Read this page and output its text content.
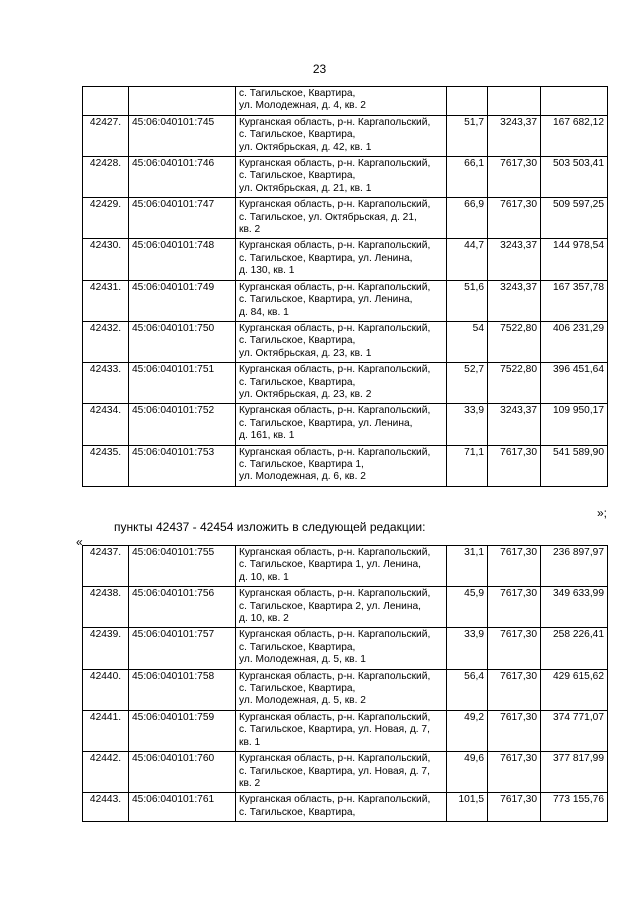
23

		с. Тагильское, Квартира,
ул. Молодежная, д. 4, кв. 2			

42427.	45:06:040101:745	Курганская область, р-н. Каргапольский,
с. Тагильское, Квартира,
ул. Октябрьская, д. 42, кв. 1	51,7	3243,37	167 682,12
42428.	45:06:040101:746	Курганская область, р-н. Каргапольский,
с. Тагильское, Квартира,
ул. Октябрьская, д. 21, кв. 1	66,1	7617,30	503 503,41
42429.	45:06:040101:747	Курганская область, р-н. Каргапольский,
с. Тагильское, ул. Октябрьская, д. 21,
кв. 2	66,9	7617,30	509 597,25
42430.	45:06:040101:748	Курганская область, р-н. Каргапольский,
с. Тагильское, Квартира, ул. Ленина,
д. 130, кв. 1	44,7	3243,37	144 978,54
42431.	45:06:040101:749	Курганская область, р-н. Каргапольский,
с. Тагильское, Квартира, ул. Ленина,
д. 84, кв. 1	51,6	3243,37	167 357,78
42432.	45:06:040101:750	Курганская область, р-н. Каргапольский,
с. Тагильское, Квартира,
ул. Октябрьская, д. 23, кв. 1	54	7522,80	406 231,29
42433.	45:06:040101:751	Курганская область, р-н. Каргапольский,
с. Тагильское, Квартира,
ул. Октябрьская, д. 23, кв. 2	52,7	7522,80	396 451,64
42434.	45:06:040101:752	Курганская область, р-н. Каргапольский,
с. Тагильское, Квартира, ул. Ленина,
д. 161, кв. 1	33,9	3243,37	109 950,17
42435.	45:06:040101:753	Курганская область, р-н. Каргапольский,
с. Тагильское, Квартира 1,
ул. Молодежная, д. 6, кв. 2	71,1	7617,30	541 589,90
»;
пункты 42437 - 42454 изложить в следующей редакции:
«
42437.	45:06:040101:755	Курганская область, р-н. Каргапольский,
с. Тагильское, Квартира 1, ул. Ленина,
д. 10, кв. 1	31,1	7617,30	236 897,97
42438.	45:06:040101:756	Курганская область, р-н. Каргапольский,
с. Тагильское, Квартира 2, ул. Ленина,
д. 10, кв. 2	45,9	7617,30	349 633,99
42439.	45:06:040101:757	Курганская область, р-н. Каргапольский,
с. Тагильское, Квартира,
ул. Молодежная, д. 5, кв. 1	33,9	7617,30	258 226,41
42440.	45:06:040101:758	Курганская область, р-н. Каргапольский,
с. Тагильское, Квартира,
ул. Молодежная, д. 5, кв. 2	56,4	7617,30	429 615,62
42441.	45:06:040101:759	Курганская область, р-н. Каргапольский,
с. Тагильское, Квартира, ул. Новая, д. 7,
кв. 1	49,2	7617,30	374 771,07
42442.	45:06:040101:760	Курганская область, р-н. Каргапольский,
с. Тагильское, Квартира, ул. Новая, д. 7,
кв. 2	49,6	7617,30	377 817,99
42443.	45:06:040101:761	Курганская область, р-н. Каргапольский,
с. Тагильское, Квартира,	101,5	7617,30	773 155,76
